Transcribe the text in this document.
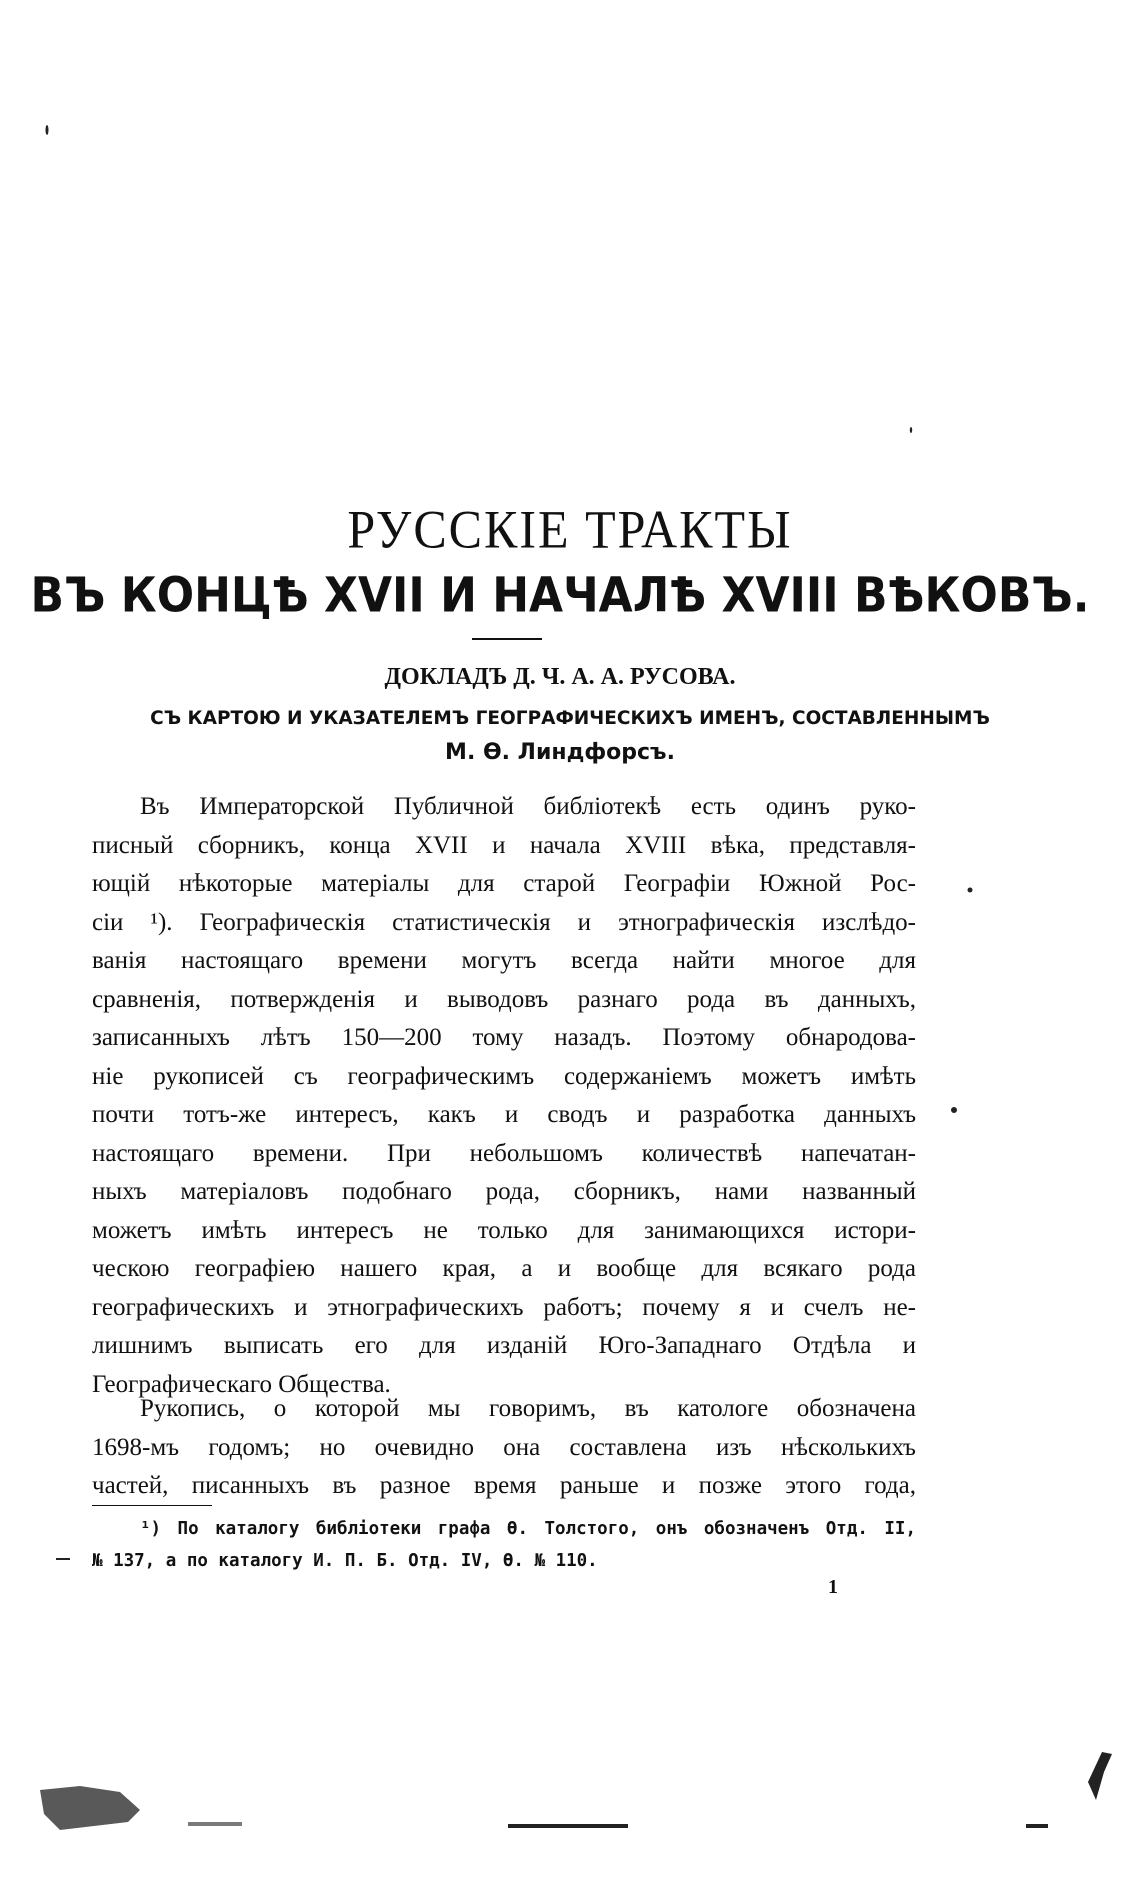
РУССКІЕ ТРАКТЫ
ВЪ КОНЦѢ XVII И НАЧАЛѢ XVIII ВѢКОВЪ.
ДОКЛАДЪ Д. Ч. А. А. РУСОВА.
СЪ КАРТОЮ И УКАЗАТЕЛЕМЪ ГЕОГРАФИЧЕСКИХЪ ИМЕНЪ, СОСТАВЛЕННЫМЪ
М. Ѳ. Линдфорсъ.
Въ Императорской Публичной библіотекѣ есть одинъ руко-
писный сборникъ, конца XVII и начала XVIII вѣка, представля-
ющій нѣкоторые матеріалы для старой Географіи Южной Рос-
сіи ¹). Географическія статистическія и этнографическія изслѣдо-
ванія настоящаго времени могутъ всегда найти многое для
сравненія, потвержденія и выводовъ разнаго рода въ данныхъ,
записанныхъ лѣтъ 150—200 тому назадъ. Поэтому обнародова-
ніе рукописей съ географическимъ содержаніемъ можетъ имѣть
почти тотъ-же интересъ, какъ и сводъ и разработка данныхъ
настоящаго времени. При небольшомъ количествѣ напечатан-
ныхъ матеріаловъ подобнаго рода, сборникъ, нами названный
можетъ имѣть интересъ не только для занимающихся истори-
ческою географіею нашего края, а и вообще для всякаго рода
географическихъ и этнографическихъ работъ; почему я и счелъ не-
лишнимъ выписать его для изданій Юго-Западнаго Отдѣла и
Географическаго Общества.
Рукопись, о которой мы говоримъ, въ катологе обозначена
1698-мъ годомъ; но очевидно она составлена изъ нѣсколькихъ
частей, писанныхъ въ разное время раньше и позже этого года,
¹) По каталогу библіотеки графа Ѳ. Толстого, онъ обозначенъ Отд. II,
№ 137, а по каталогу И. П. Б. Отд. IV, Ѳ. № 110.
1
